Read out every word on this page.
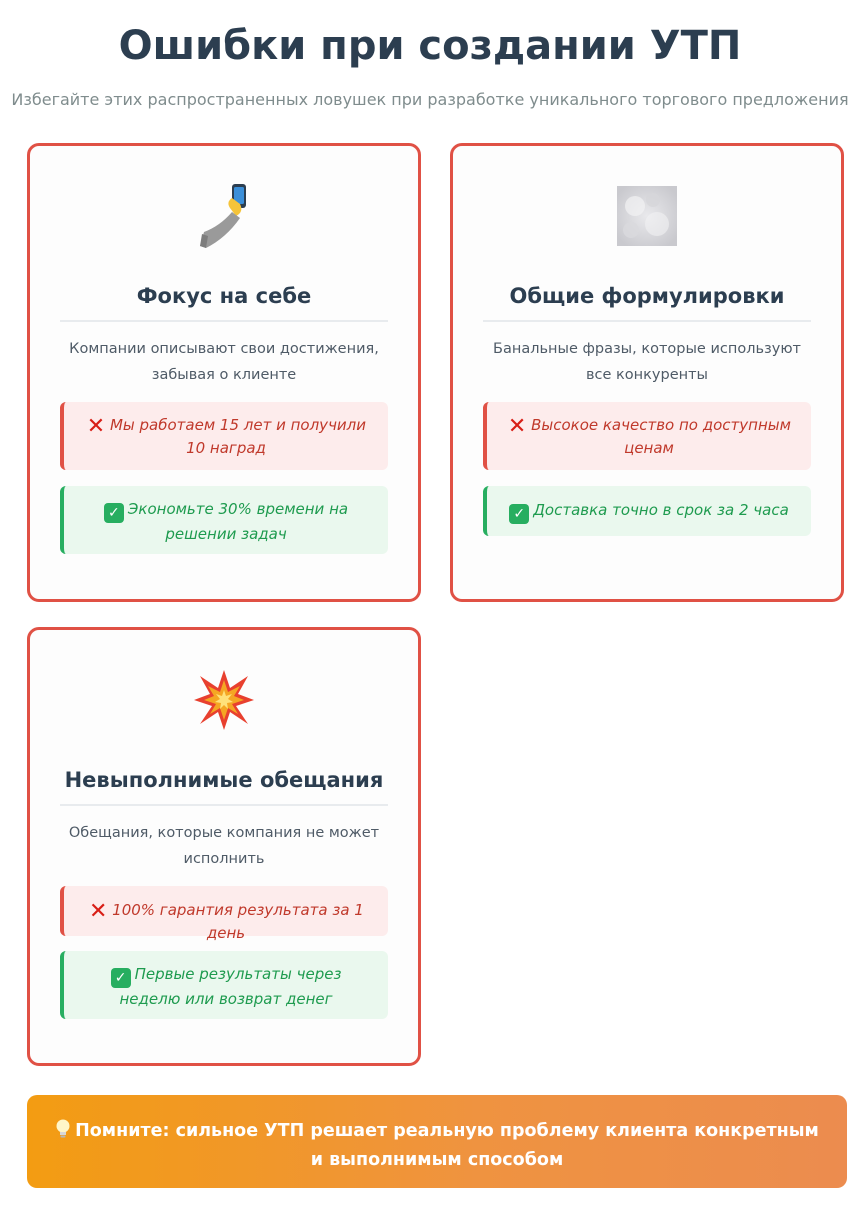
Ошибки при создании УТП
Избегайте этих распространенных ловушек при разработке уникального торгового предложения
Фокус на себе
Компании описывают свои достижения, забывая о клиенте
✕ Мы работаем 15 лет и получили 10 наград
✓ Экономьте 30% времени на решении задач
Общие формулировки
Банальные фразы, которые используют все конкуренты
✕ Высокое качество по доступным ценам
✓ Доставка точно в срок за 2 часа
Невыполнимые обещания
Обещания, которые компания не может исполнить
✕ 100% гарантия результата за 1 день
✓ Первые результаты через неделю или возврат денег
Помните: сильное УТП решает реальную проблему клиента конкретным и выполнимым способом
